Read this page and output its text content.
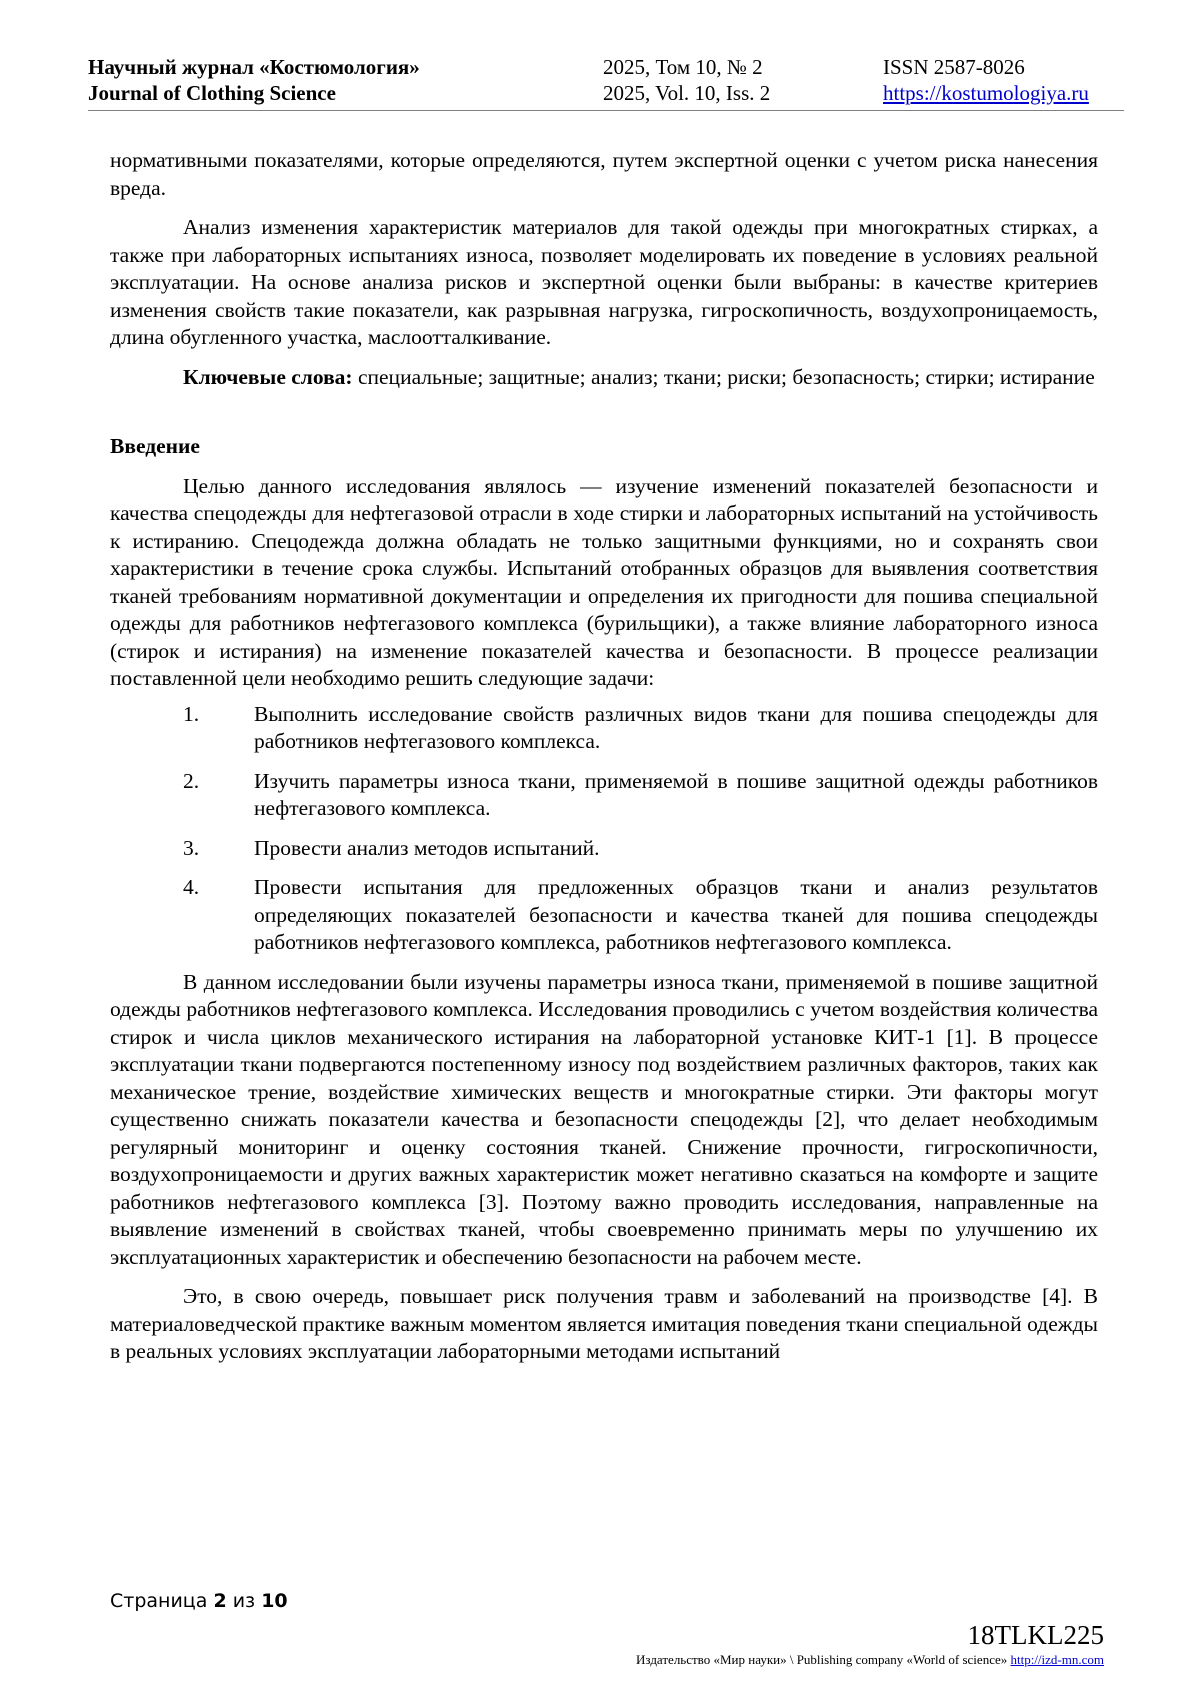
Научный журнал «Костюмология»
Journal of Clothing Science
2025, Том 10, № 2
2025, Vol. 10, Iss. 2
ISSN 2587-8026
https://kostumologiya.ru

нормативными показателями, которые определяются, путем экспертной оценки с учетом риска нанесения вреда.

Анализ изменения характеристик материалов для такой одежды при многократных стирках, а также при лабораторных испытаниях износа, позволяет моделировать их поведение в условиях реальной эксплуатации. На основе анализа рисков и экспертной оценки были выбраны: в качестве критериев изменения свойств такие показатели, как разрывная нагрузка, гигроскопичность, воздухопроницаемость, длина обугленного участка, маслоотталкивание.

Ключевые слова: специальные; защитные; анализ; ткани; риски; безопасность; стирки; истирание

Введение

Целью данного исследования являлось — изучение изменений показателей безопасности и качества спецодежды для нефтегазовой отрасли в ходе стирки и лабораторных испытаний на устойчивость к истиранию. Спецодежда должна обладать не только защитными функциями, но и сохранять свои характеристики в течение срока службы. Испытаний отобранных образцов для выявления соответствия тканей требованиям нормативной документации и определения их пригодности для пошива специальной одежды для работников нефтегазового комплекса (бурильщики), а также влияние лабораторного износа (стирок и истирания) на изменение показателей качества и безопасности. В процессе реализации поставленной цели необходимо решить следующие задачи:

1.	Выполнить исследование свойств различных видов ткани для пошива спецодежды для работников нефтегазового комплекса.
2.	Изучить параметры износа ткани, применяемой в пошиве защитной одежды работников нефтегазового комплекса.
3.	Провести анализ методов испытаний.
4.	Провести испытания для предложенных образцов ткани и анализ результатов определяющих показателей безопасности и качества тканей для пошива спецодежды работников нефтегазового комплекса, работников нефтегазового комплекса.

В данном исследовании были изучены параметры износа ткани, применяемой в пошиве защитной одежды работников нефтегазового комплекса. Исследования проводились с учетом воздействия количества стирок и числа циклов механического истирания на лабораторной установке КИТ-1 [1]. В процессе эксплуатации ткани подвергаются постепенному износу под воздействием различных факторов, таких как механическое трение, воздействие химических веществ и многократные стирки. Эти факторы могут существенно снижать показатели качества и безопасности спецодежды [2], что делает необходимым регулярный мониторинг и оценку состояния тканей. Снижение прочности, гигроскопичности, воздухопроницаемости и других важных характеристик может негативно сказаться на комфорте и защите работников нефтегазового комплекса [3]. Поэтому важно проводить исследования, направленные на выявление изменений в свойствах тканей, чтобы своевременно принимать меры по улучшению их эксплуатационных характеристик и обеспечению безопасности на рабочем месте.

Это, в свою очередь, повышает риск получения травм и заболеваний на производстве [4]. В материаловедческой практике важным моментом является имитация поведения ткани специальной одежды в реальных условиях эксплуатации лабораторными методами испытаний

Страница 2 из 10
18TLKL225
Издательство «Мир науки» \ Publishing company «World of science» http://izd-mn.com
